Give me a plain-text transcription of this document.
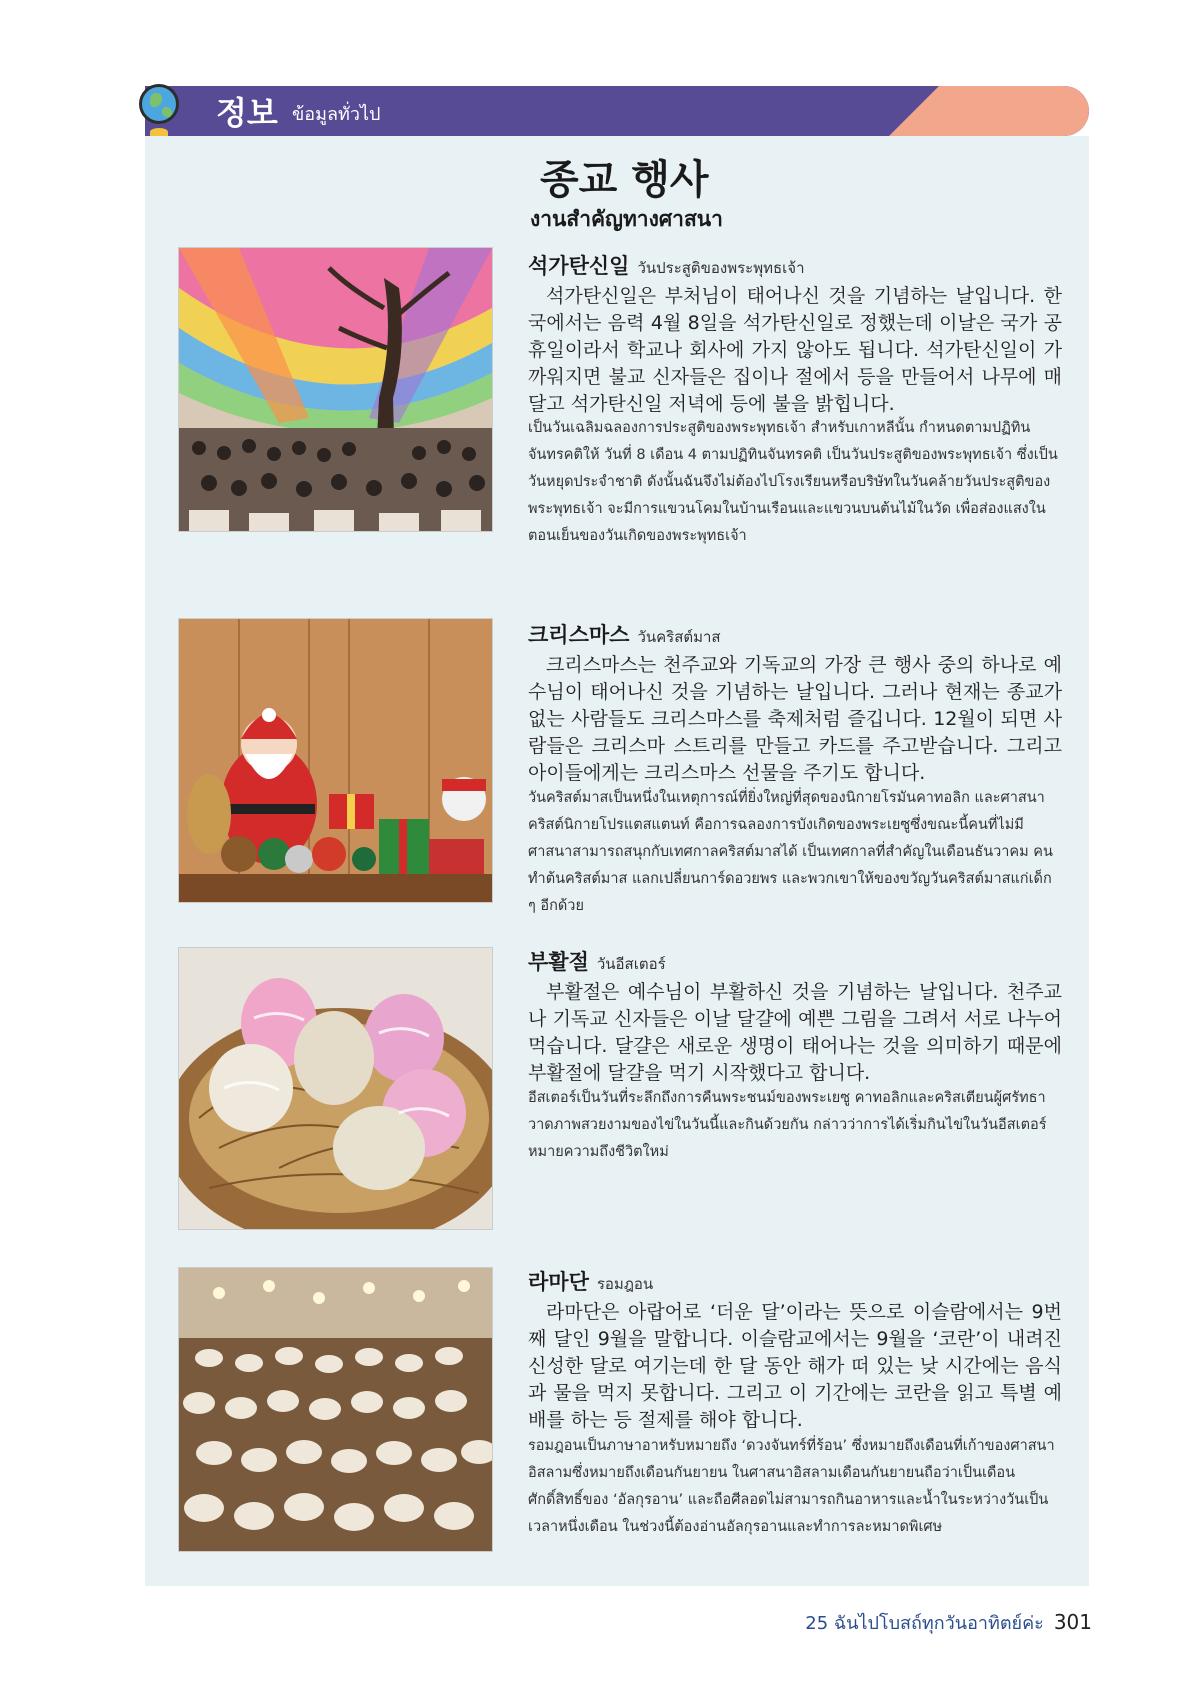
정보 ข้อมูลทั่วไป
종교 행사
งานสำคัญทางศาสนา
석가탄신일 วันประสูติของพระพุทธเจ้า

석가탄신일은 부처님이 태어나신 것을 기념하는 날입니다. 한국에서는 음력 4월 8일을 석가탄신일로 정했는데 이날은 국가 공휴일이라서 학교나 회사에 가지 않아도 됩니다. 석가탄신일이 가까워지면 불교 신자들은 집이나 절에서 등을 만들어서 나무에 매달고 석가탄신일 저녁에 등에 불을 밝힙니다.

เป็นวันเฉลิมฉลองการประสูติของพระพุทธเจ้า สำหรับเกาหลีนั้น กำหนดตามปฏิทินจันทรคติให้ วันที่ 8 เดือน 4 ตามปฏิทินจันทรคติ เป็นวันประสูติของพระพุทธเจ้า ซึ่งเป็นวันหยุดประจำชาติ ดังนั้นฉันจึงไม่ต้องไปโรงเรียนหรือบริษัทในวันคล้ายวันประสูติของพระพุทธเจ้า จะมีการแขวนโคมในบ้านเรือนและแขวนบนต้นไม้ในวัด เพื่อส่องแสงในตอนเย็นของวันเกิดของพระพุทธเจ้า

크리스마스 วันคริสต์มาส

크리스마스는 천주교와 기독교의 가장 큰 행사 중의 하나로 예수님이 태어나신 것을 기념하는 날입니다. 그러나 현재는 종교가 없는 사람들도 크리스마스를 축제처럼 즐깁니다. 12월이 되면 사람들은 크리스마 스트리를 만들고 카드를 주고받습니다. 그리고 아이들에게는 크리스마스 선물을 주기도 합니다.

วันคริสต์มาสเป็นหนึ่งในเหตุการณ์ที่ยิ่งใหญ่ที่สุดของนิกายโรมันคาทอลิก และศาสนาคริสต์นิกายโปรแตสแตนท์ คือการฉลองการบังเกิดของพระเยซูซึ่งขณะนี้คนที่ไม่มีศาสนาสามารถสนุกกับเทศกาลคริสต์มาสได้ เป็นเทศกาลที่สำคัญในเดือนธันวาคม คนทำต้นคริสต์มาส แลกเปลี่ยนการ์ดอวยพร และพวกเขาให้ของขวัญวันคริสต์มาสแก่เด็ก ๆ อีกด้วย

부활절 วันอีสเตอร์

부활절은 예수님이 부활하신 것을 기념하는 날입니다. 천주교나 기독교 신자들은 이날 달걀에 예쁜 그림을 그려서 서로 나누어 먹습니다. 달걀은 새로운 생명이 태어나는 것을 의미하기 때문에 부활절에 달걀을 먹기 시작했다고 합니다.

อีสเตอร์เป็นวันที่ระลึกถึงการคืนพระชนม์ของพระเยซู คาทอลิกและคริสเตียนผู้ศรัทธาวาดภาพสวยงามของไข่ในวันนี้และกินด้วยกัน กล่าวว่าการได้เริ่มกินไข่ในวันอีสเตอร์หมายความถึงชีวิตใหม่

라마단 รอมฎอน

라마단은 아랍어로 ‘더운 달’이라는 뜻으로 이슬람에서는 9번째 달인 9월을 말합니다. 이슬람교에서는 9월을 ‘코란’이 내려진 신성한 달로 여기는데 한 달 동안 해가 떠 있는 낮 시간에는 음식과 물을 먹지 못합니다. 그리고 이 기간에는 코란을 읽고 특별 예배를 하는 등 절제를 해야 합니다.

รอมฎอนเป็นภาษาอาหรับหมายถึง ‘ดวงจันทร์ที่ร้อน’ ซึ่งหมายถึงเดือนที่เก้าของศาสนาอิสลามซึ่งหมายถึงเดือนกันยายน ในศาสนาอิสลามเดือนกันยายนถือว่าเป็นเดือนศักดิ์สิทธิ์ของ ‘อัลกุรอาน’ และถือศีลอดไม่สามารถกินอาหารและน้ำในระหว่างวันเป็นเวลาหนึ่งเดือน ในช่วงนี้ต้องอ่านอัลกุรอานและทำการละหมาดพิเศษ

25 ฉันไปโบสถ์ทุกวันอาทิตย์ค่ะ 301
